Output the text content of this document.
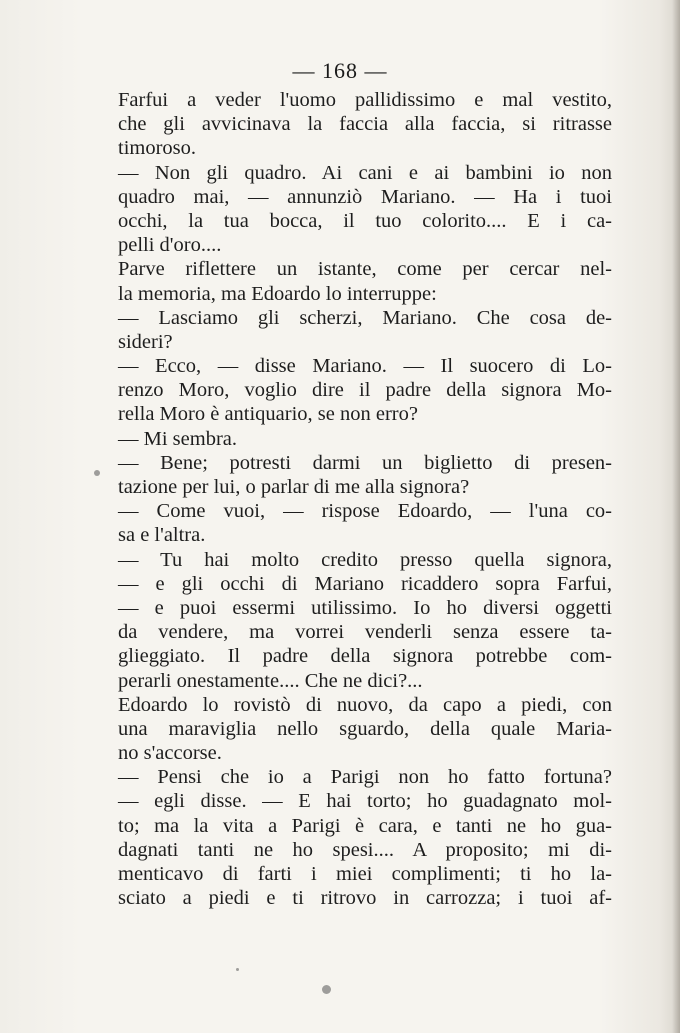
— 168 —
Farfui a veder l'uomo pallidissimo e mal vestito,
che gli avvicinava la faccia alla faccia, si ritrasse
timoroso.
— Non gli quadro. Ai cani e ai bambini io non
quadro mai, — annunziò Mariano. — Ha i tuoi
occhi, la tua bocca, il tuo colorito.... E i ca-
pelli d'oro....
Parve riflettere un istante, come per cercar nel-
la memoria, ma Edoardo lo interruppe:
— Lasciamo gli scherzi, Mariano. Che cosa de-
sideri?
— Ecco, — disse Mariano. — Il suocero di Lo-
renzo Moro, voglio dire il padre della signora Mo-
rella Moro è antiquario, se non erro?
— Mi sembra.
— Bene; potresti darmi un biglietto di presen-
tazione per lui, o parlar di me alla signora?
— Come vuoi, — rispose Edoardo, — l'una co-
sa e l'altra.
— Tu hai molto credito presso quella signora,
— e gli occhi di Mariano ricaddero sopra Farfui,
— e puoi essermi utilissimo. Io ho diversi oggetti
da vendere, ma vorrei venderli senza essere ta-
glieggiato. Il padre della signora potrebbe com-
perarli onestamente.... Che ne dici?...
Edoardo lo rovistò di nuovo, da capo a piedi, con
una maraviglia nello sguardo, della quale Maria-
no s'accorse.
— Pensi che io a Parigi non ho fatto fortuna?
— egli disse. — E hai torto; ho guadagnato mol-
to; ma la vita a Parigi è cara, e tanti ne ho gua-
dagnati tanti ne ho spesi.... A proposito; mi di-
menticavo di farti i miei complimenti; ti ho la-
sciato a piedi e ti ritrovo in carrozza; i tuoi af-
